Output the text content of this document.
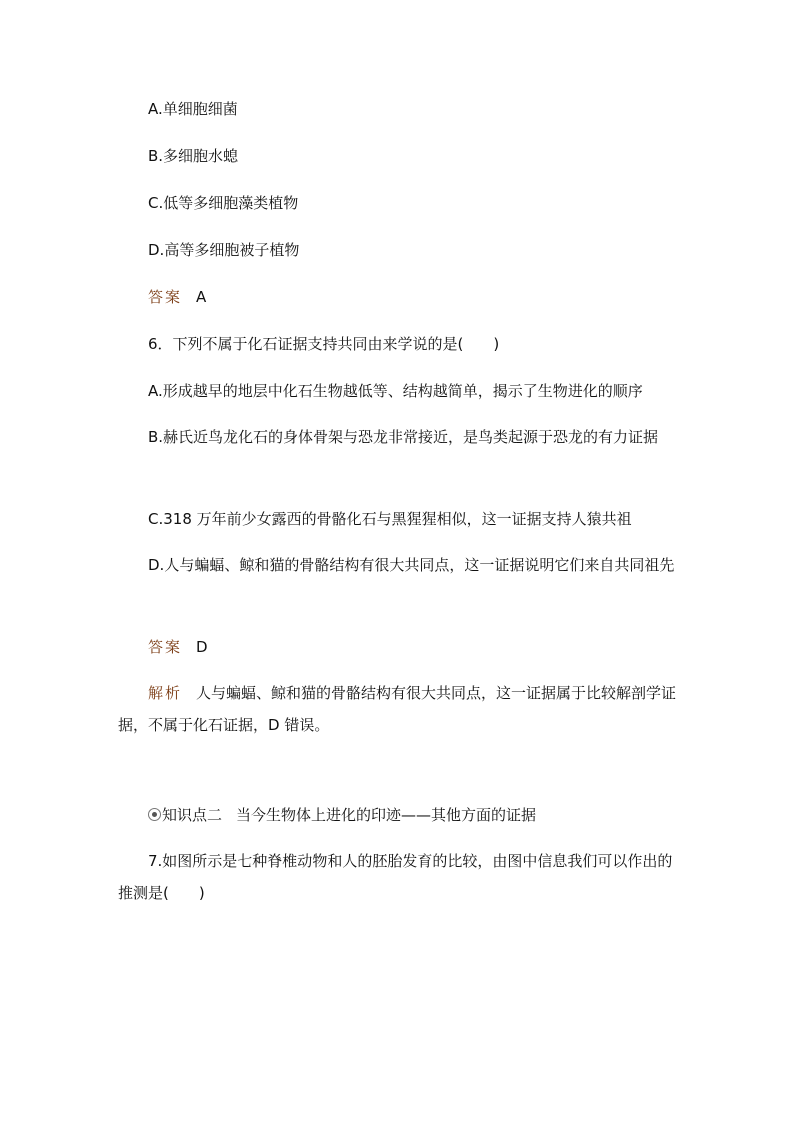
A.单细胞细菌
B.多细胞水螅
C.低等多细胞藻类植物
D.高等多细胞被子植物
答案 A
6．下列不属于化石证据支持共同由来学说的是(　　)
A.形成越早的地层中化石生物越低等、结构越简单，揭示了生物进化的顺序
B.赫氏近鸟龙化石的身体骨架与恐龙非常接近，是鸟类起源于恐龙的有力证据
C.318 万年前少女露西的骨骼化石与黑猩猩相似，这一证据支持人猿共祖
D.人与蝙蝠、鲸和猫的骨骼结构有很大共同点，这一证据说明它们来自共同祖先
答案 D
解析 人与蝙蝠、鲸和猫的骨骼结构有很大共同点，这一证据属于比较解剖学证据，不属于化石证据，D 错误。
知识点二 当今生物体上进化的印迹——其他方面的证据
7.如图所示是七种脊椎动物和人的胚胎发育的比较，由图中信息我们可以作出的推测是(　　)
